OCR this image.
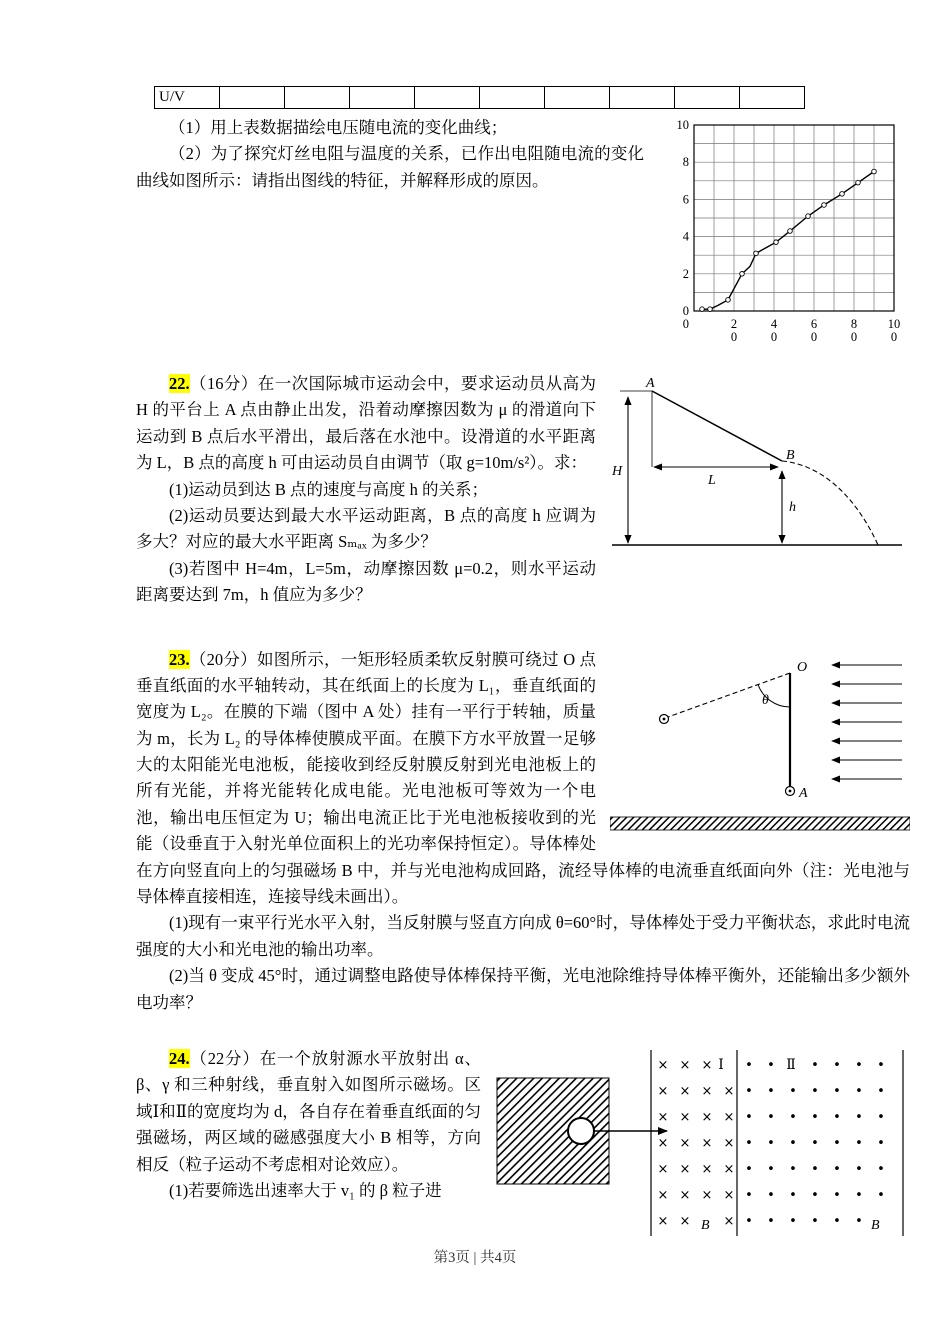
U/V									
10
8
6
4
2
0
0	2 0
4 0
6 0
8 0
10 0

（1）用上表数据描绘电压随电流的变化曲线；

（2）为了探究灯丝电阻与温度的关系，已作出电阻随电流的变化曲线如图所示：请指出图线的特征，并解释形成的原因。

A
H
L
B
h

22.（16分）在一次国际城市运动会中，要求运动员从高为 H 的平台上 A 点由静止出发，沿着动摩擦因数为 μ 的滑道向下运动到 B 点后水平滑出，最后落在水池中。设滑道的水平距离为 L，B 点的高度 h 可由运动员自由调节（取 g=10m/s²）。求：

(1)运动员到达 B 点的速度与高度 h 的关系；

(2)运动员要达到最大水平运动距离，B 点的高度 h 应调为多大？对应的最大水平距离 Sₘₐₓ 为多少？

(3)若图中 H=4m，L=5m，动摩擦因数 μ=0.2，则水平运动距离要达到 7m，h 值应为多少？

O
θ
A

23.（20分）如图所示，一矩形轻质柔软反射膜可绕过 O 点垂直纸面的水平轴转动，其在纸面上的长度为 L₁，垂直纸面的宽度为 L₂。在膜的下端（图中 A 处）挂有一平行于转轴，质量为 m，长为 L₂ 的导体棒使膜成平面。在膜下方水平放置一足够大的太阳能光电池板，能接收到经反射膜反射到光电池板上的所有光能，并将光能转化成电能。光电池板可等效为一个电池，输出电压恒定为 U；输出电流正比于光电池板接收到的光能（设垂直于入射光单位面积上的光功率保持恒定）。导体棒处在方向竖直向上的匀强磁场 B 中，并与光电池构成回路，流经导体棒的电流垂直纸面向外（注：光电池与导体棒直接相连，连接导线未画出）。

(1)现有一束平行光水平入射，当反射膜与竖直方向成 θ=60°时，导体棒处于受力平衡状态，求此时电流强度的大小和光电池的输出功率。

(2)当 θ 变成 45°时，通过调整电路使导体棒保持平衡，光电池除维持导体棒平衡外，还能输出多少额外电功率？

× × ×	• •	• • • •
× × × × • • • • • • •
× × × × • • • • • • •
× × × × • • • • • • •
× × × × • • • • • • •
× × × × • • • • • • •
× ×	× • • • • • •
Ⅰ	Ⅱ
B	B

24.（22分）在一个放射源水平放射出 α、β、γ 和三种射线，垂直射入如图所示磁场。区域Ⅰ和Ⅱ的宽度均为 d，各自存在着垂直纸面的匀强磁场，两区域的磁感强度大小 B 相等，方向相反（粒子运动不考虑相对论效应）。

(1)若要筛选出速率大于 v₁ 的 β 粒子进

第3页 | 共4页
